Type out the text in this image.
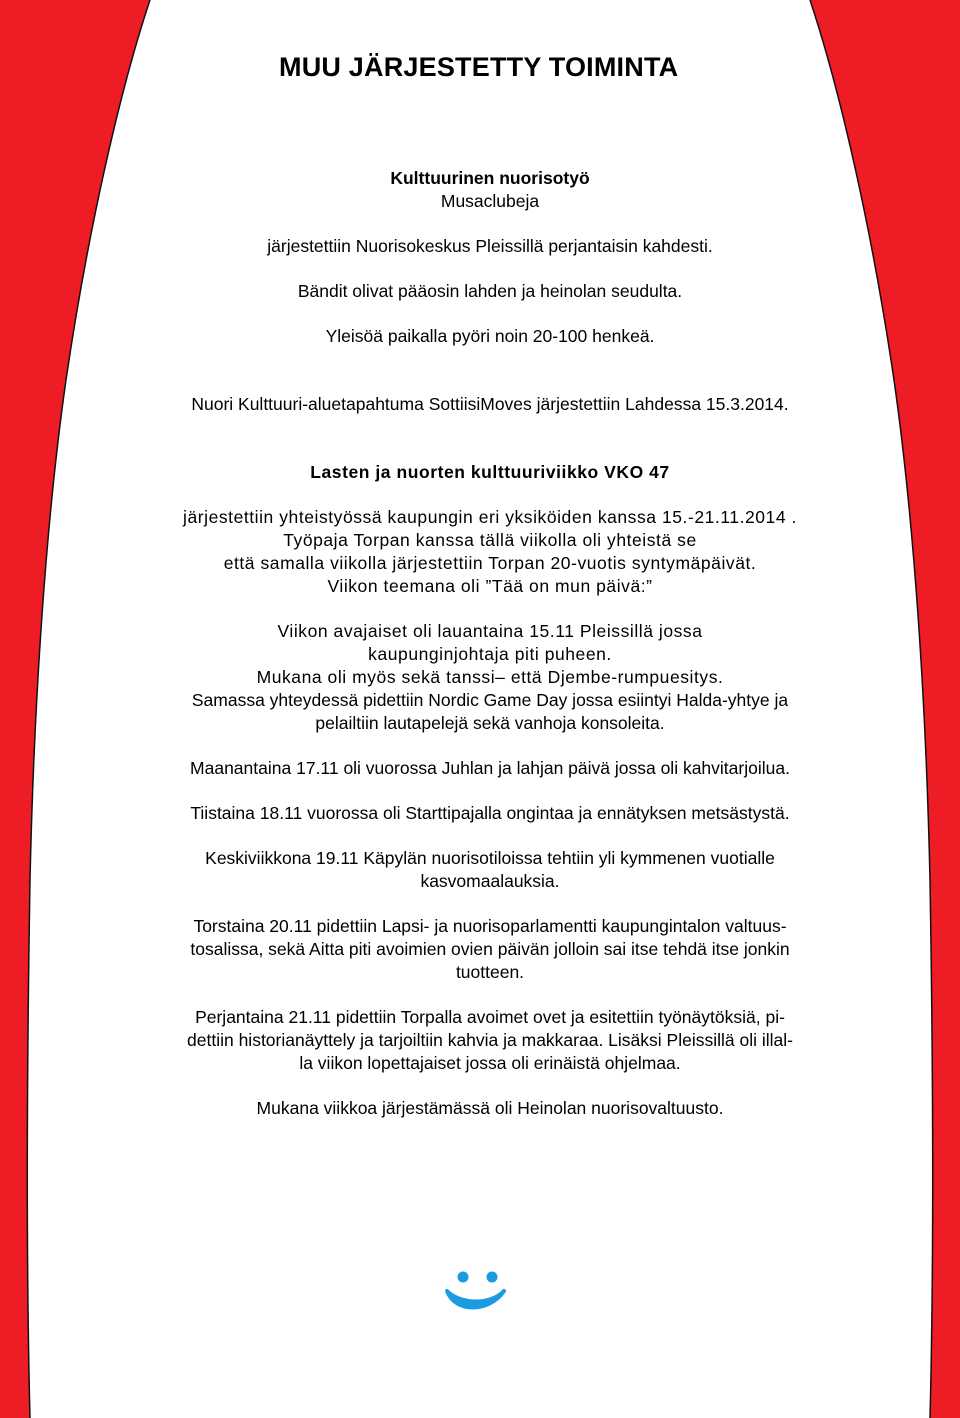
MUU JÄRJESTETTY TOIMINTA

Kulttuurinen nuorisotyö

Musaclubeja

järjestettiin Nuorisokeskus Pleissillä perjantaisin kahdesti.

Bändit olivat pääosin lahden ja heinolan seudulta.

Yleisöä paikalla pyöri noin 20-100 henkeä.

Nuori Kulttuuri-aluetapahtuma SottiisiMoves järjestettiin Lahdessa 15.3.2014.

Lasten ja nuorten kulttuuriviikko VKO 47

järjestettiin yhteistyössä kaupungin eri yksiköiden kanssa 15.-21.11.2014 .

Työpaja Torpan kanssa tällä viikolla oli yhteistä se

että samalla viikolla järjestettiin Torpan 20-vuotis syntymäpäivät.

Viikon teemana oli ”Tää on mun päivä:”

Viikon avajaiset oli lauantaina 15.11 Pleissillä jossa

kaupunginjohtaja piti puheen.

Mukana oli myös sekä tanssi– että Djembe-rumpuesitys.

Samassa yhteydessä pidettiin Nordic Game Day jossa esiintyi Halda-yhtye ja

pelailtiin lautapelejä sekä vanhoja konsoleita.

Maanantaina 17.11 oli vuorossa Juhlan ja lahjan päivä jossa oli kahvitarjoilua.

Tiistaina 18.11 vuorossa oli Starttipajalla ongintaa ja ennätyksen metsästystä.

Keskiviikkona 19.11 Käpylän nuorisotiloissa tehtiin yli kymmenen vuotialle

kasvomaalauksia.

Torstaina 20.11 pidettiin Lapsi- ja nuorisoparlamentti kaupungintalon valtuus-

tosalissa, sekä Aitta piti avoimien ovien päivän jolloin sai itse tehdä itse jonkin

tuotteen.

Perjantaina 21.11 pidettiin Torpalla avoimet ovet ja esitettiin työnäytöksiä, pi-

dettiin historianäyttely ja tarjoiltiin kahvia ja makkaraa. Lisäksi Pleissillä oli illal-

la viikon lopettajaiset jossa oli erinäistä ohjelmaa.

Mukana viikkoa järjestämässä oli Heinolan nuorisovaltuusto.
